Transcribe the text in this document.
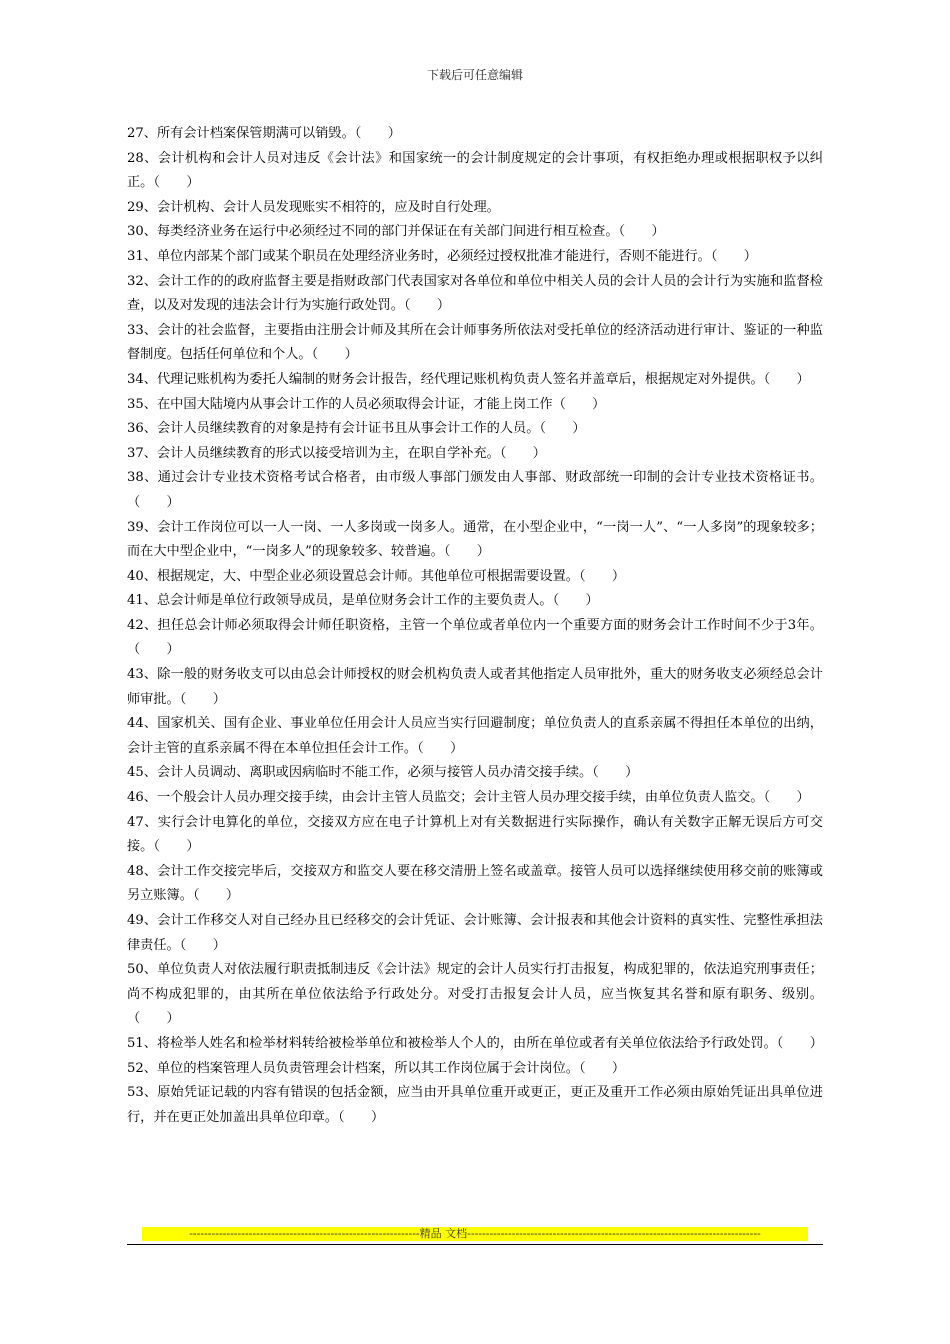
下载后可任意编辑

27、所有会计档案保管期满可以销毁。（　　）

28、会计机构和会计人员对违反《会计法》和国家统一的会计制度规定的会计事项，有权拒绝办理或根据职权予以纠正。（　　）

29、会计机构、会计人员发现账实不相符的，应及时自行处理。

30、每类经济业务在运行中必须经过不同的部门并保证在有关部门间进行相互检查。（　　）

31、单位内部某个部门或某个职员在处理经济业务时，必须经过授权批准才能进行，否则不能进行。（　　）

32、会计工作的的政府监督主要是指财政部门代表国家对各单位和单位中相关人员的会计人员的会计行为实施和监督检查，以及对发现的违法会计行为实施行政处罚。（　　）

33、会计的社会监督，主要指由注册会计师及其所在会计师事务所依法对受托单位的经济活动进行审计、鉴证的一种监督制度。包括任何单位和个人。（　　）

34、代理记账机构为委托人编制的财务会计报告，经代理记账机构负责人签名并盖章后，根据规定对外提供。（　　）

35、在中国大陆境内从事会计工作的人员必须取得会计证，才能上岗工作（　　）

36、会计人员继续教育的对象是持有会计证书且从事会计工作的人员。（　　）

37、会计人员继续教育的形式以接受培训为主，在职自学补充。（　　）

38、通过会计专业技术资格考试合格者，由市级人事部门颁发由人事部、财政部统一印制的会计专业技术资格证书。（　　）

39、会计工作岗位可以一人一岗、一人多岗或一岗多人。通常，在小型企业中，“一岗一人”、“一人多岗”的现象较多；而在大中型企业中，“一岗多人”的现象较多、较普遍。（　　）

40、根据规定，大、中型企业必须设置总会计师。其他单位可根据需要设置。（　　）

41、总会计师是单位行政领导成员，是单位财务会计工作的主要负责人。（　　）

42、担任总会计师必须取得会计师任职资格，主管一个单位或者单位内一个重要方面的财务会计工作时间不少于3年。（　　）

43、除一般的财务收支可以由总会计师授权的财会机构负责人或者其他指定人员审批外，重大的财务收支必须经总会计师审批。（　　）

44、国家机关、国有企业、事业单位任用会计人员应当实行回避制度；单位负责人的直系亲属不得担任本单位的出纳，会计主管的直系亲属不得在本单位担任会计工作。（　　）

45、会计人员调动、离职或因病临时不能工作，必须与接管人员办清交接手续。（　　）

46、一个般会计人员办理交接手续，由会计主管人员监交；会计主管人员办理交接手续，由单位负责人监交。（　　）

47、实行会计电算化的单位，交接双方应在电子计算机上对有关数据进行实际操作，确认有关数字正解无误后方可交接。（　　）

48、会计工作交接完毕后，交接双方和监交人要在移交清册上签名或盖章。接管人员可以选择继续使用移交前的账簿或另立账簿。（　　）

49、会计工作移交人对自己经办且已经移交的会计凭证、会计账簿、会计报表和其他会计资料的真实性、完整性承担法律责任。（　　）

50、单位负责人对依法履行职责抵制违反《会计法》规定的会计人员实行打击报复，构成犯罪的，依法追究刑事责任；尚不构成犯罪的，由其所在单位依法给予行政处分。对受打击报复会计人员，应当恢复其名誉和原有职务、级别。（　　）

51、将检举人姓名和检举材料转给被检举单位和被检举人个人的，由所在单位或者有关单位依法给予行政处罚。（　　）

52、单位的档案管理人员负责管理会计档案，所以其工作岗位属于会计岗位。（　　）

53、原始凭证记载的内容有错误的包括金额，应当由开具单位重开或更正，更正及重开工作必须由原始凭证出具单位进行，并在更正处加盖出具单位印章。（　　）

--------------------------------------------------------------精品 文档-------------------------------------------------------------------------------
